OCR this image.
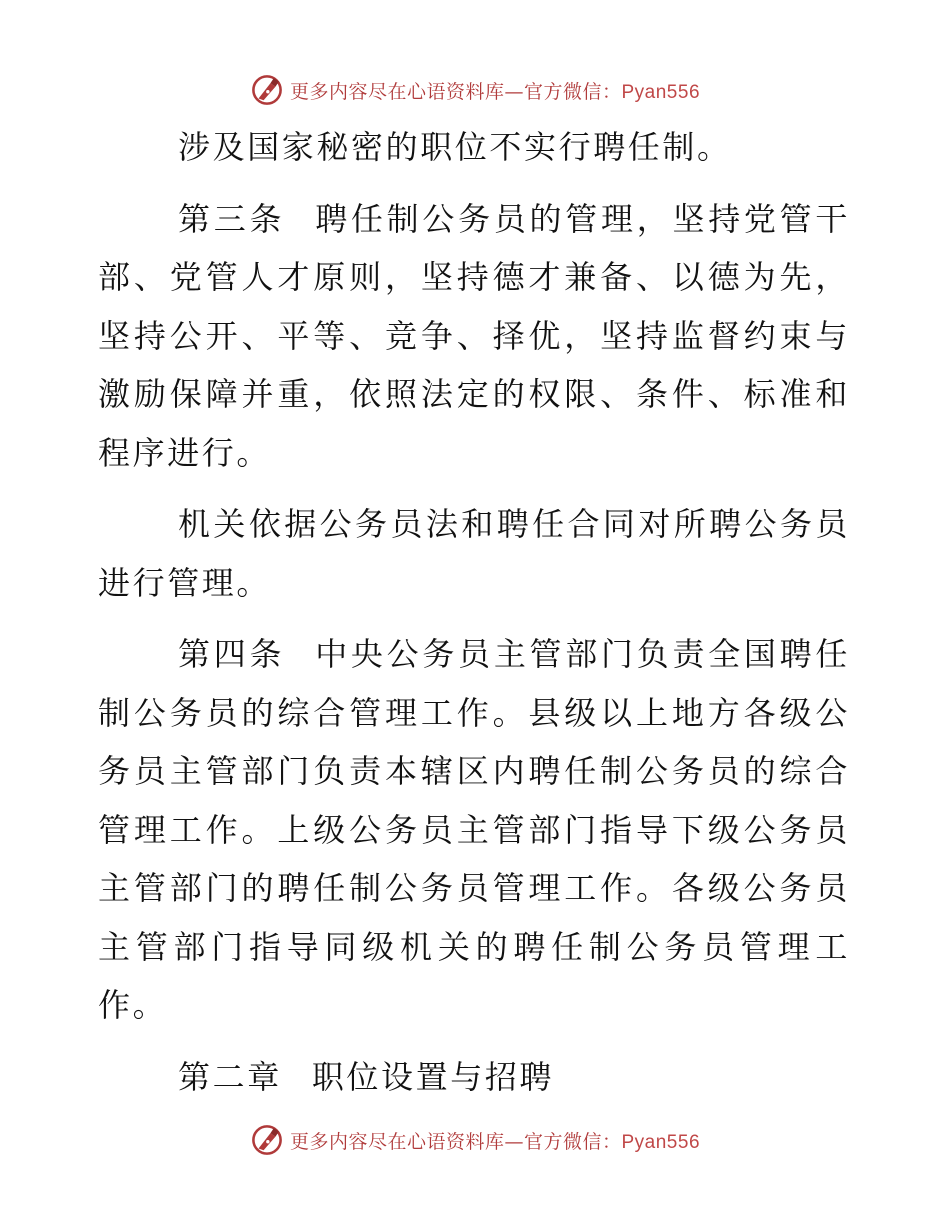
更多内容尽在心语资料库—官方微信：Pyan556

涉及国家秘密的职位不实行聘任制。

第三条 聘任制公务员的管理，坚持党管干部、党管人才原则，坚持德才兼备、以德为先，坚持公开、平等、竞争、择优，坚持监督约束与激励保障并重，依照法定的权限、条件、标准和程序进行。

机关依据公务员法和聘任合同对所聘公务员进行管理。

第四条 中央公务员主管部门负责全国聘任制公务员的综合管理工作。县级以上地方各级公务员主管部门负责本辖区内聘任制公务员的综合管理工作。上级公务员主管部门指导下级公务员主管部门的聘任制公务员管理工作。各级公务员主管部门指导同级机关的聘任制公务员管理工作。

第二章 职位设置与招聘

更多内容尽在心语资料库—官方微信：Pyan556
